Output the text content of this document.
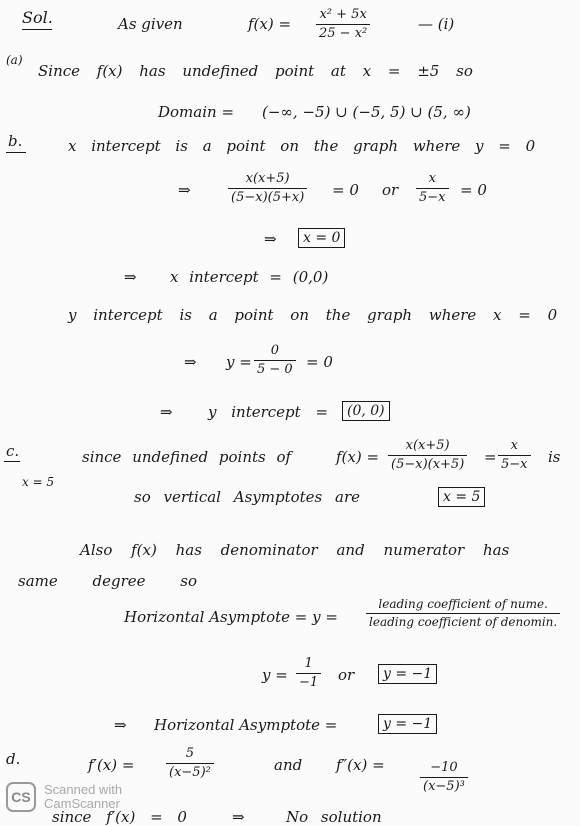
Sol.	As given	f(x) =
x² + 5x
25 − x²
— (i)
(a)
Since f(x) has undefined point at x = ±5 so
Domain = (−∞, −5) ∪ (−5, 5) ∪ (5, ∞)
b.	x intercept is a point on the graph where y = 0
⇒
x(x+5)
(5−x)(5+x) = 0 or
x
5−x = 0
⇒	x = 0
⇒ x intercept = (0,0)
y intercept is a point on the graph where x = 0
⇒ y =
0
5 − 0 = 0
⇒ y intercept =	(0, 0)
c.	since undefined points of	f(x) =
x(x+5)
(5−x)(x+5) =
x
5−x is
x = 5
so vertical Asymptotes are	x = 5
Also f(x) has denominator and numerator has
same degree so
Horizontal Asymptote = y =
leading coefficient of nume.
leading coefficient of denomin.
y =
1
−1 or	y = −1
⇒ Horizontal Asymptote =	y = −1
d.	f′(x) =
5
(x−5)²	and f″(x) =	−10
(x−5)³
since f′(x) = 0	⇒	No solution
CS	Scanned with
CamScanner
